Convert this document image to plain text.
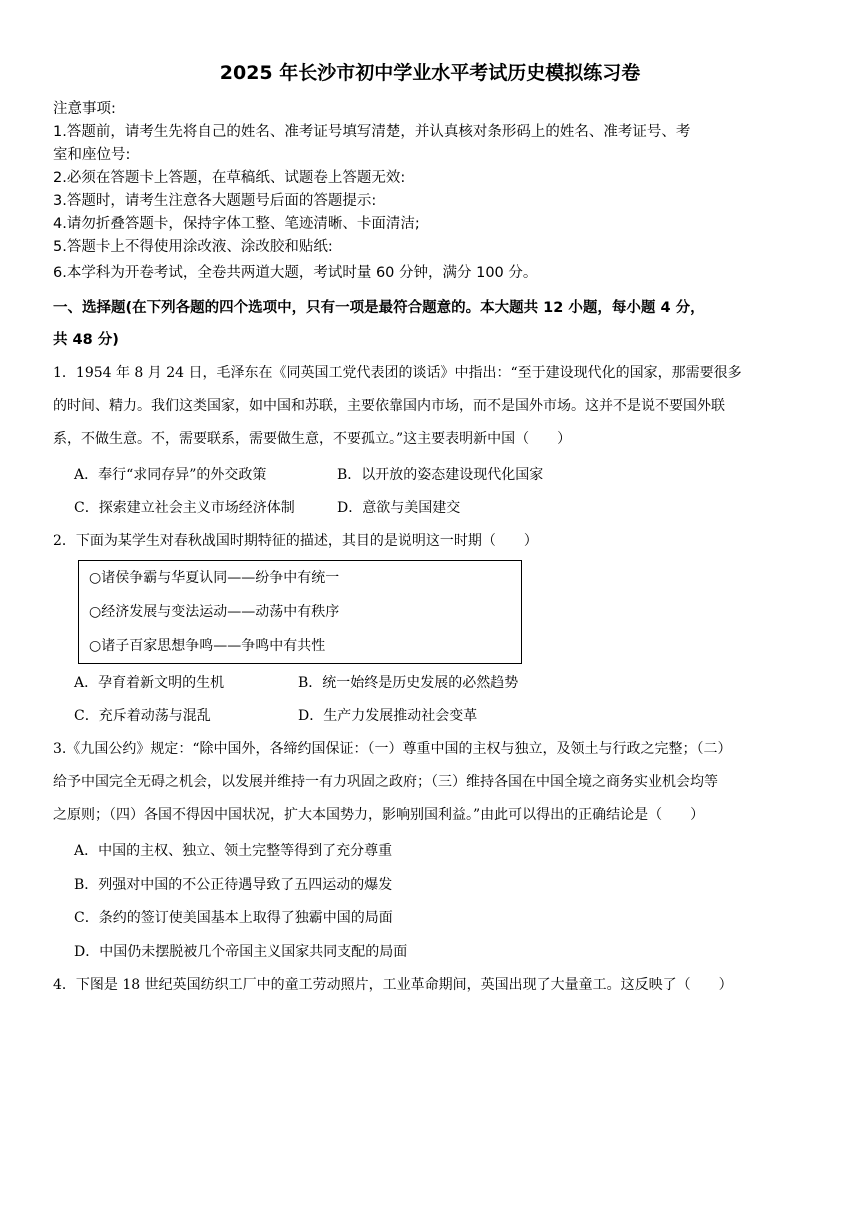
2025 年长沙市初中学业水平考试历史模拟练习卷
注意事项:
1.答题前，请考生先将自己的姓名、准考证号填写清楚，并认真核对条形码上的姓名、准考证号、考
室和座位号:
2.必须在答题卡上答题，在草稿纸、试题卷上答题无效:
3.答题时，请考生注意各大题题号后面的答题提示:
4.请勿折叠答题卡，保持字体工整、笔迹清晰、卡面清洁;
5.答题卡上不得使用涂改液、涂改胶和贴纸:
6.本学科为开卷考试，全卷共两道大题，考试时量 60 分钟，满分 100 分。
一、选择题(在下列各题的四个选项中，只有一项是最符合题意的。本大题共 12 小题，每小题 4 分，
共 48 分)
1．1954 年 8 月 24 日，毛泽东在《同英国工党代表团的谈话》中指出：“至于建设现代化的国家，那需要很多
的时间、精力。我们这类国家，如中国和苏联，主要依靠国内市场，而不是国外市场。这并不是说不要国外联
系，不做生意。不，需要联系，需要做生意，不要孤立。”这主要表明新中国（　　）
A．奉行“求同存异”的外交政策	B．以开放的姿态建设现代化国家
C．探索建立社会主义市场经济体制	D．意欲与美国建交
2．下面为某学生对春秋战国时期特征的描述，其目的是说明这一时期（　　）
○诸侯争霸与华夏认同——纷争中有统一
○经济发展与变法运动——动荡中有秩序
○诸子百家思想争鸣——争鸣中有共性
A．孕育着新文明的生机	B．统一始终是历史发展的必然趋势
C．充斥着动荡与混乱	D．生产力发展推动社会变革
3.《九国公约》规定：“除中国外，各缔约国保证：（一）尊重中国的主权与独立，及领土与行政之完整；（二）
给予中国完全无碍之机会，以发展并维持一有力巩固之政府；（三）维持各国在中国全境之商务实业机会均等
之原则；（四）各国不得因中国状况，扩大本国势力，影响别国利益。”由此可以得出的正确结论是（　　）
A．中国的主权、独立、领土完整等得到了充分尊重
B．列强对中国的不公正待遇导致了五四运动的爆发
C．条约的签订使美国基本上取得了独霸中国的局面
D．中国仍未摆脱被几个帝国主义国家共同支配的局面
4．下图是 18 世纪英国纺织工厂中的童工劳动照片，工业革命期间，英国出现了大量童工。这反映了（　　）
